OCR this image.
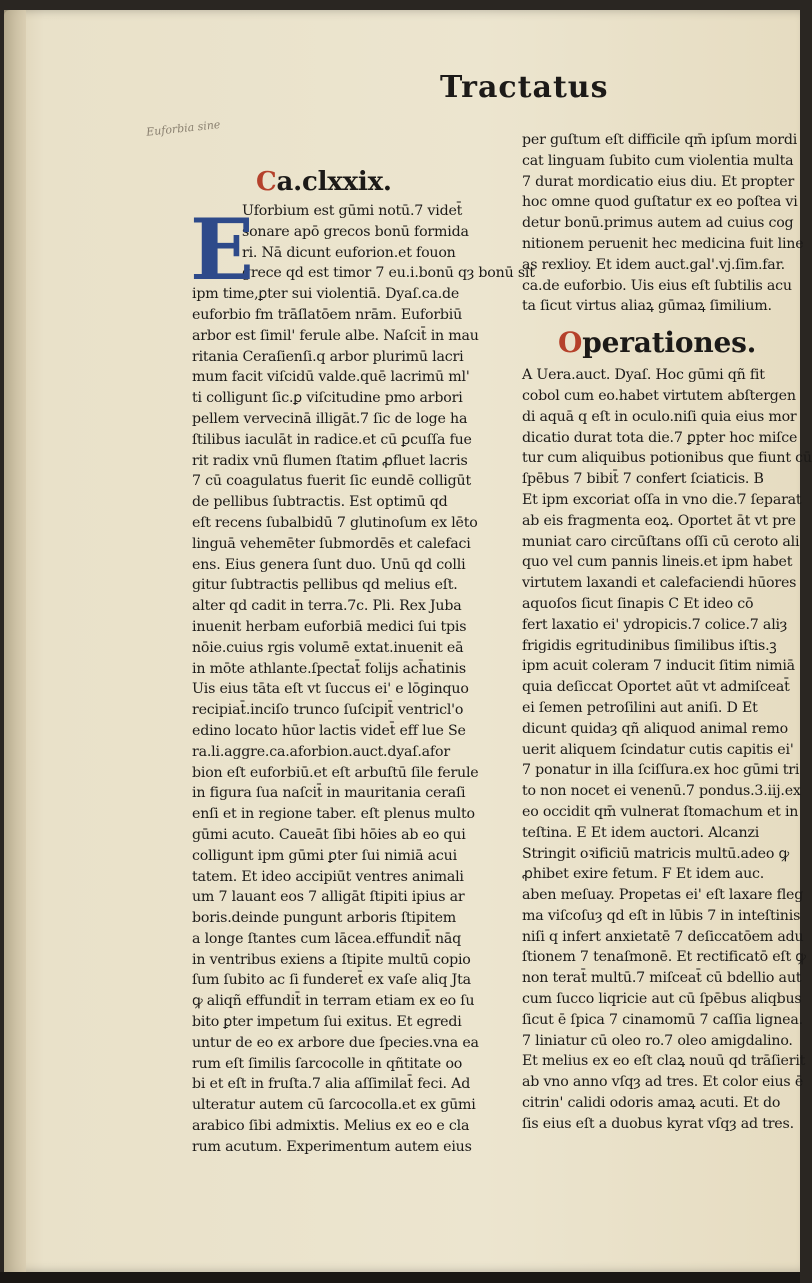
Tractatus
Euforbia sine
Ca.clxxix.
E
Uforbium est gūmi notū.7 videt̄
sonare apō grecos bonū formida
ri. Nā dicunt euforion.et fouon
grece qd est timor 7 eu.i.bonū qȝ bonū sit
ipm time,ꝑter sui violentiā. Dyaſ.ca.de
euforbio fm trāſlatōem nrām. Euforbiū
arbor est ſimil' ferule albe. Naſcit̄ in mau
ritania Ceraſienſi.q arbor plurimū lacri
mum facit viſcidū valde.quē lacrimū ml'
ti colligunt ſic.ꝑ viſcitudine pmo arbori
pellem vervecinā illigāt.7 ſic de loge ha
ſtilibus iaculāt in radice.et cū ꝑcuſſa fue
rit radix vnū flumen ſtatim ꝓfluet lacris
7 cū coagulatus fuerit ſic eundē colligūt
de pellibus ſubtractis. Est optimū qd
eſt recens ſubalbidū 7 glutinoſum ex lēto
linguā vehemēter ſubmordēs et calefaci
ens. Eius genera ſunt duo. Unū qd colli
gitur ſubtractis pellibus qd melius eſt.
alter qd cadit in terra.7c. Pli. Rex Juba
inuenit herbam euforbiā medici ſui tpis
nōie.cuius rgis volumē extat.inuenit eā
in mōte athlante.ſpectat̄ folijs ach̄atinis
Uis eius tāta eſt vt ſuccus ei' e lōginquo
recipiat̄.inciſo trunco ſuſcipit̄ ventricl'o
edino locato hūor lactis videt̄ eff lue Se
ra.li.aggre.ca.aforbion.auct.dyaſ.afor
bion eſt euforbiū.et eſt arbuſtū ſile ferule
in figura ſua naſcit̄ in mauritania ceraſi
enſi et in regione taber. eſt plenus multo
gūmi acuto. Caueāt ſibi hōies ab eo qui
colligunt ipm gūmi ꝑter ſui nimiā acui
tatem. Et ideo accipiūt ventres animali
um 7 lauant eos 7 alligāt ſtipiti ipius ar
boris.deinde pungunt arboris ſtipitem
a longe ſtantes cum lācea.effundit̄ nāq
in ventribus exiens a ſtipite multū copio
ſum ſubito ac ſi funderet̄ ex vaſe aliq Jta
ꝙ aliqñ effundit̄ in terram etiam ex eo ſu
bito ꝑter impetum ſui exitus. Et egredi
untur de eo ex arbore due ſpecies.vna ea
rum eſt ſimilis ſarcocolle in qñtitate oo
bi et eſt in fruſta.7 alia aſſimilat̄ feci. Ad
ulteratur autem cū ſarcocolla.et ex gūmi
arabico ſibi admixtis. Melius ex eo e cla
rum acutum. Experimentum autem eius
per guſtum eſt difficile qm̄ ipſum mordi
cat linguam ſubito cum violentia multa
7 durat mordicatio eius diu. Et propter
hoc omne quod guſtatur ex eo poſtea vi
detur bonū.primus autem ad cuius cog
nitionem peruenit hec medicina fuit line
as rexlioy. Et idem auct.gal'.vj.ſim.far.
ca.de euforbio. Uis eius eſt ſubtilis acu
ta ſicut virtus aliaꝝ gūmaꝝ ſimilium.
Operationes.
A Uera.auct. Dyaſ. Hoc gūmi qñ fit
cobol cum eo.habet virtutem abſtergen
di aquā q eſt in oculo.niſi quia eius mor
dicatio durat tota die.7 ꝑpter hoc miſce
tur cum aliquibus potionibus que fiunt cū
ſpēbus 7 bibit̄ 7 confert ſciaticis. B
Et ipm excoriat oſſa in vno die.7 ſeparat
ab eis fragmenta eoꝝ. Oportet āt vt pre
muniat caro circūſtans oſſi cū ceroto ali
quo vel cum pannis lineis.et ipm habet
virtutem laxandi et calefaciendi hūores
aquoſos ſicut ſinapis C Et ideo cō
fert laxatio ei' ydropicis.7 colice.7 aliȝ
frigidis egritudinibus ſimilibus iſtis.ꝫ
ipm acuit coleram 7 inducit ſitim nimiā
quia deſiccat Oportet aūt vt admiſceat̄
ei ſemen petroſilini aut aniſi. D Et
dicunt quidaȝ qñ aliquod animal remo
uerit aliquem ſcindatur cutis capitis ei'
7 ponatur in illa ſciſſura.ex hoc gūmi tri
to non nocet ei venenū.7 pondus.3.iij.ex
eo occidit qm̄ vulnerat ſtomachum et in
teſtina. E Et idem auctori. Alcanzi
Stringit oꝛificiū matricis multū.adeo ꝙ
ꝓhibet exire fetum. F Et idem auc.
aben meſuay. Propetas ei' eſt laxare fleg
ma viſcoſuȝ qd eſt in lūbis 7 in inteſtinis
niſi q infert anxietatē 7 deſiccatōem adu
ſtionem 7 tenaſmonē. Et rectificatō eſt ꝙ
non terat̄ multū.7 miſceat̄ cū bdellio aut
cum ſucco liqricie aut cū ſpēbus aliqbus
ſicut ē ſpica 7 cinamomū 7 caſſia lignea.
7 liniatur cū oleo ro.7 oleo amigdalino.
Et melius ex eo eſt claꝝ nouū qd trāſierit
ab vno anno vſqȝ ad tres. Et color eius ē
citrin' calidi odoris amaꝝ acuti. Et do
ſis eius eſt a duobus kyrat vſqȝ ad tres.
